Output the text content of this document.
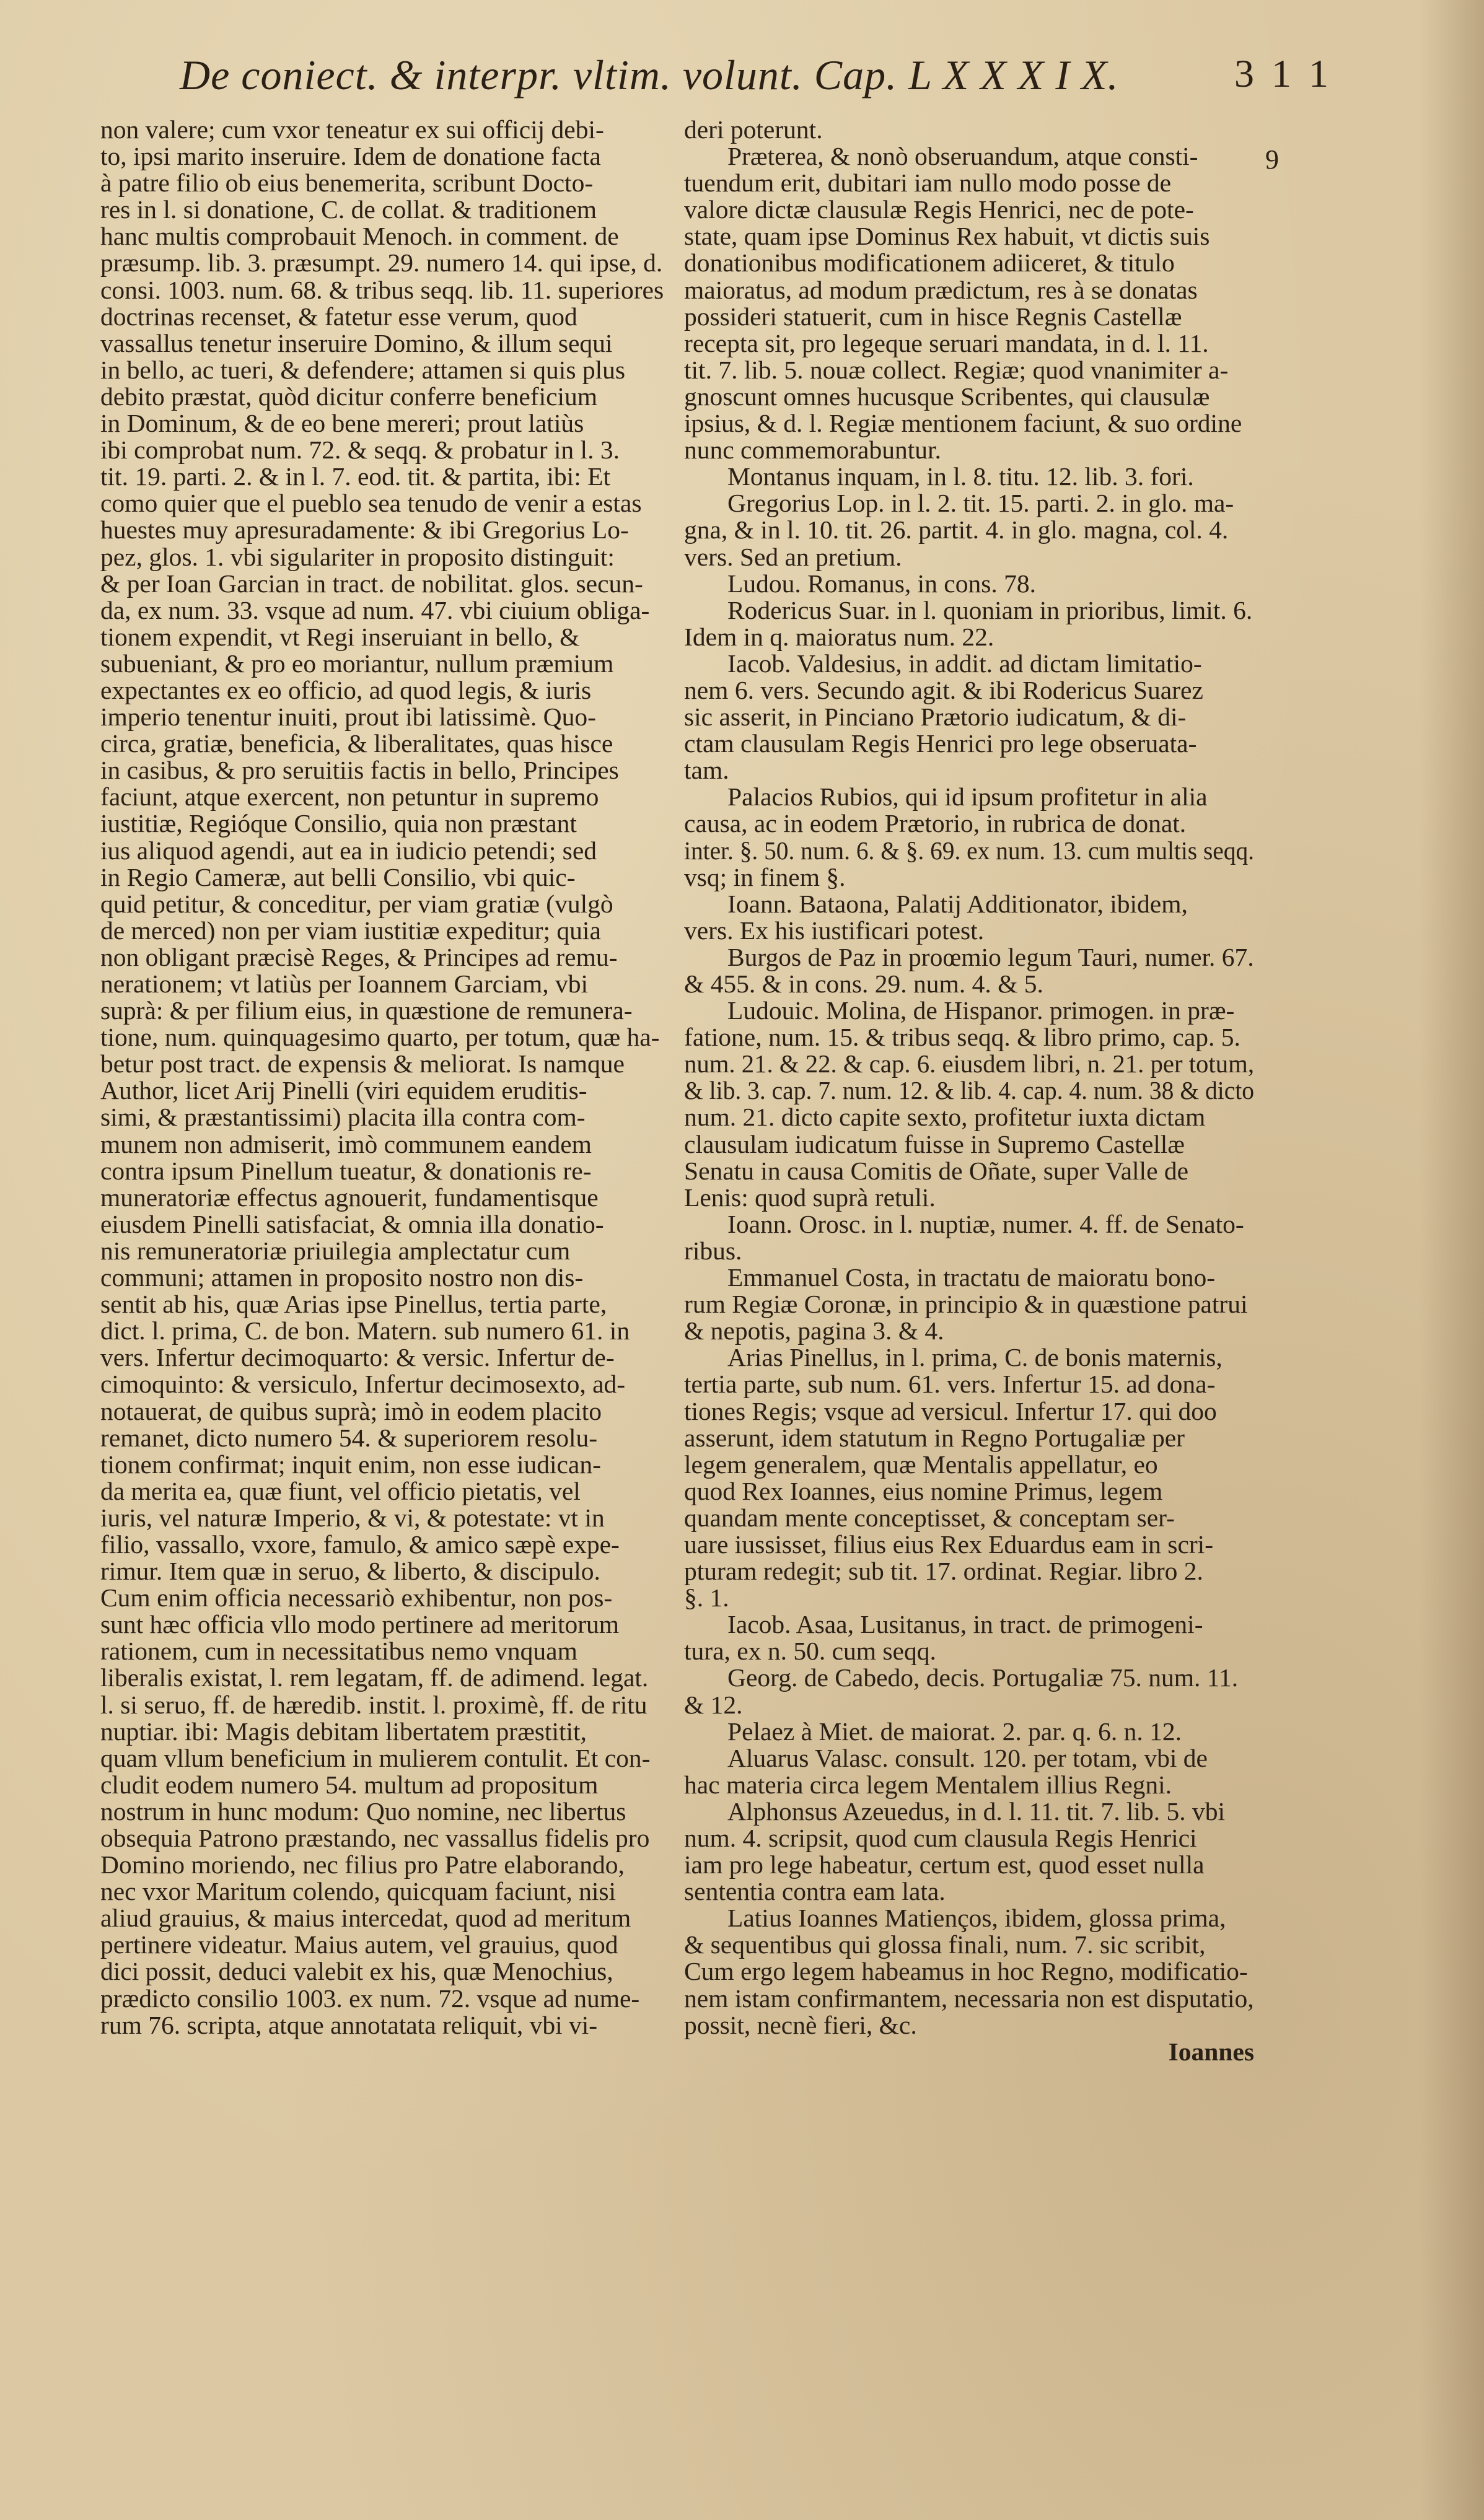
De coniect. & interpr. vltim. volunt. Cap. L X X X I X.	3 1 1
9
non valere; cum vxor teneatur ex sui officij debi-
to, ipsi marito inseruire. Idem de donatione facta
à patre filio ob eius benemerita, scribunt Docto-
res in l. si donatione, C. de collat. & traditionem
hanc multis comprobauit Menoch. in comment. de
præsump. lib. 3. præsumpt. 29. numero 14. qui ipse, d.
consi. 1003. num. 68. & tribus seqq. lib. 11. superiores
doctrinas recenset, & fatetur esse verum, quod
vassallus tenetur inseruire Domino, & illum sequi
in bello, ac tueri, & defendere; attamen si quis plus
debito præstat, quòd dicitur conferre beneficium
in Dominum, & de eo bene mereri; prout latiùs
ibi comprobat num. 72. & seqq. & probatur in l. 3.
tit. 19. parti. 2. & in l. 7. eod. tit. & partita, ibi: Et
como quier que el pueblo sea tenudo de venir a estas
huestes muy apresuradamente: & ibi Gregorius Lo-
pez, glos. 1. vbi sigulariter in proposito distinguit:
& per Ioan Garcian in tract. de nobilitat. glos. secun-
da, ex num. 33. vsque ad num. 47. vbi ciuium obliga-
tionem expendit, vt Regi inseruiant in bello, &
subueniant, & pro eo moriantur, nullum præmium
expectantes ex eo officio, ad quod legis, & iuris
imperio tenentur inuiti, prout ibi latissimè. Quo-
circa, gratiæ, beneficia, & liberalitates, quas hisce
in casibus, & pro seruitiis factis in bello, Principes
faciunt, atque exercent, non petuntur in supremo
iustitiæ, Regióque Consilio, quia non præstant
ius aliquod agendi, aut ea in iudicio petendi; sed
in Regio Cameræ, aut belli Consilio, vbi quic-
quid petitur, & conceditur, per viam gratiæ (vulgò
de merced) non per viam iustitiæ expeditur; quia
non obligant præcisè Reges, & Principes ad remu-
nerationem; vt latiùs per Ioannem Garciam, vbi
suprà: & per filium eius, in quæstione de remunera-
tione, num. quinquagesimo quarto, per totum, quæ ha-
betur post tract. de expensis & meliorat. Is namque
Author, licet Arij Pinelli (viri equidem eruditis-
simi, & præstantissimi) placita illa contra com-
munem non admiserit, imò communem eandem
contra ipsum Pinellum tueatur, & donationis re-
muneratoriæ effectus agnouerit, fundamentisque
eiusdem Pinelli satisfaciat, & omnia illa donatio-
nis remuneratoriæ priuilegia amplectatur cum
communi; attamen in proposito nostro non dis-
sentit ab his, quæ Arias ipse Pinellus, tertia parte,
dict. l. prima, C. de bon. Matern. sub numero 61. in
vers. Infertur decimoquarto: & versic. Infertur de-
cimoquinto: & versiculo, Infertur decimosexto, ad-
notauerat, de quibus suprà; imò in eodem placito
remanet, dicto numero 54. & superiorem resolu-
tionem confirmat; inquit enim, non esse iudican-
da merita ea, quæ fiunt, vel officio pietatis, vel
iuris, vel naturæ Imperio, & vi, & potestate: vt in
filio, vassallo, vxore, famulo, & amico sæpè expe-
rimur. Item quæ in seruo, & liberto, & discipulo.
Cum enim officia necessariò exhibentur, non pos-
sunt hæc officia vllo modo pertinere ad meritorum
rationem, cum in necessitatibus nemo vnquam
liberalis existat, l. rem legatam, ff. de adimend. legat.
l. si seruo, ff. de hæredib. instit. l. proximè, ff. de ritu
nuptiar. ibi: Magis debitam libertatem præstitit,
quam vllum beneficium in mulierem contulit. Et con-
cludit eodem numero 54. multum ad propositum
nostrum in hunc modum: Quo nomine, nec libertus
obsequia Patrono præstando, nec vassallus fidelis pro
Domino moriendo, nec filius pro Patre elaborando,
nec vxor Maritum colendo, quicquam faciunt, nisi
aliud grauius, & maius intercedat, quod ad meritum
pertinere videatur. Maius autem, vel grauius, quod
dici possit, deduci valebit ex his, quæ Menochius,
prædicto consilio 1003. ex num. 72. vsque ad nume-
rum 76. scripta, atque annotatata reliquit, vbi vi-
deri poterunt.
Præterea, & nonò obseruandum, atque consti-
tuendum erit, dubitari iam nullo modo posse de
valore dictæ clausulæ Regis Henrici, nec de pote-
state, quam ipse Dominus Rex habuit, vt dictis suis
donationibus modificationem adiiceret, & titulo
maioratus, ad modum prædictum, res à se donatas
possideri statuerit, cum in hisce Regnis Castellæ
recepta sit, pro legeque seruari mandata, in d. l. 11.
tit. 7. lib. 5. nouæ collect. Regiæ; quod vnanimiter a-
gnoscunt omnes hucusque Scribentes, qui clausulæ
ipsius, & d. l. Regiæ mentionem faciunt, & suo ordine
nunc commemorabuntur.
Montanus inquam, in l. 8. titu. 12. lib. 3. fori.
Gregorius Lop. in l. 2. tit. 15. parti. 2. in glo. ma-
gna, & in l. 10. tit. 26. partit. 4. in glo. magna, col. 4.
vers. Sed an pretium.
Ludou. Romanus, in cons. 78.
Rodericus Suar. in l. quoniam in prioribus, limit. 6.
Idem in q. maioratus num. 22.
Iacob. Valdesius, in addit. ad dictam limitatio-
nem 6. vers. Secundo agit. & ibi Rodericus Suarez
sic asserit, in Pinciano Prætorio iudicatum, & di-
ctam clausulam Regis Henrici pro lege obseruata-
tam.
Palacios Rubios, qui id ipsum profitetur in alia
causa, ac in eodem Prætorio, in rubrica de donat.
inter. §. 50. num. 6. & §. 69. ex num. 13. cum multis seqq.
vsq; in finem §.
Ioann. Bataona, Palatij Additionator, ibidem,
vers. Ex his iustificari potest.
Burgos de Paz in proœmio legum Tauri, numer. 67.
& 455. & in cons. 29. num. 4. & 5.
Ludouic. Molina, de Hispanor. primogen. in præ-
fatione, num. 15. & tribus seqq. & libro primo, cap. 5.
num. 21. & 22. & cap. 6. eiusdem libri, n. 21. per totum,
& lib. 3. cap. 7. num. 12. & lib. 4. cap. 4. num. 38 & dicto
num. 21. dicto capite sexto, profitetur iuxta dictam
clausulam iudicatum fuisse in Supremo Castellæ
Senatu in causa Comitis de Oñate, super Valle de
Lenis: quod suprà retuli.
Ioann. Orosc. in l. nuptiæ, numer. 4. ff. de Senato-
ribus.
Emmanuel Costa, in tractatu de maioratu bono-
rum Regiæ Coronæ, in principio & in quæstione patrui
& nepotis, pagina 3. & 4.
Arias Pinellus, in l. prima, C. de bonis maternis,
tertia parte, sub num. 61. vers. Infertur 15. ad dona-
tiones Regis; vsque ad versicul. Infertur 17. qui doo
asserunt, idem statutum in Regno Portugaliæ per
legem generalem, quæ Mentalis appellatur, eo
quod Rex Ioannes, eius nomine Primus, legem
quandam mente conceptisset, & conceptam ser-
uare iussisset, filius eius Rex Eduardus eam in scri-
pturam redegit; sub tit. 17. ordinat. Regiar. libro 2.
§. 1.
Iacob. Asaa, Lusitanus, in tract. de primogeni-
tura, ex n. 50. cum seqq.
Georg. de Cabedo, decis. Portugaliæ 75. num. 11.
& 12.
Pelaez à Miet. de maiorat. 2. par. q. 6. n. 12.
Aluarus Valasc. consult. 120. per totam, vbi de
hac materia circa legem Mentalem illius Regni.
Alphonsus Azeuedus, in d. l. 11. tit. 7. lib. 5. vbi
num. 4. scripsit, quod cum clausula Regis Henrici
iam pro lege habeatur, certum est, quod esset nulla
sententia contra eam lata.
Latius Ioannes Matienços, ibidem, glossa prima,
& sequentibus qui glossa finali, num. 7. sic scribit,
Cum ergo legem habeamus in hoc Regno, modificatio-
nem istam confirmantem, necessaria non est disputatio,
possit, necnè fieri, &c.
Ioannes
